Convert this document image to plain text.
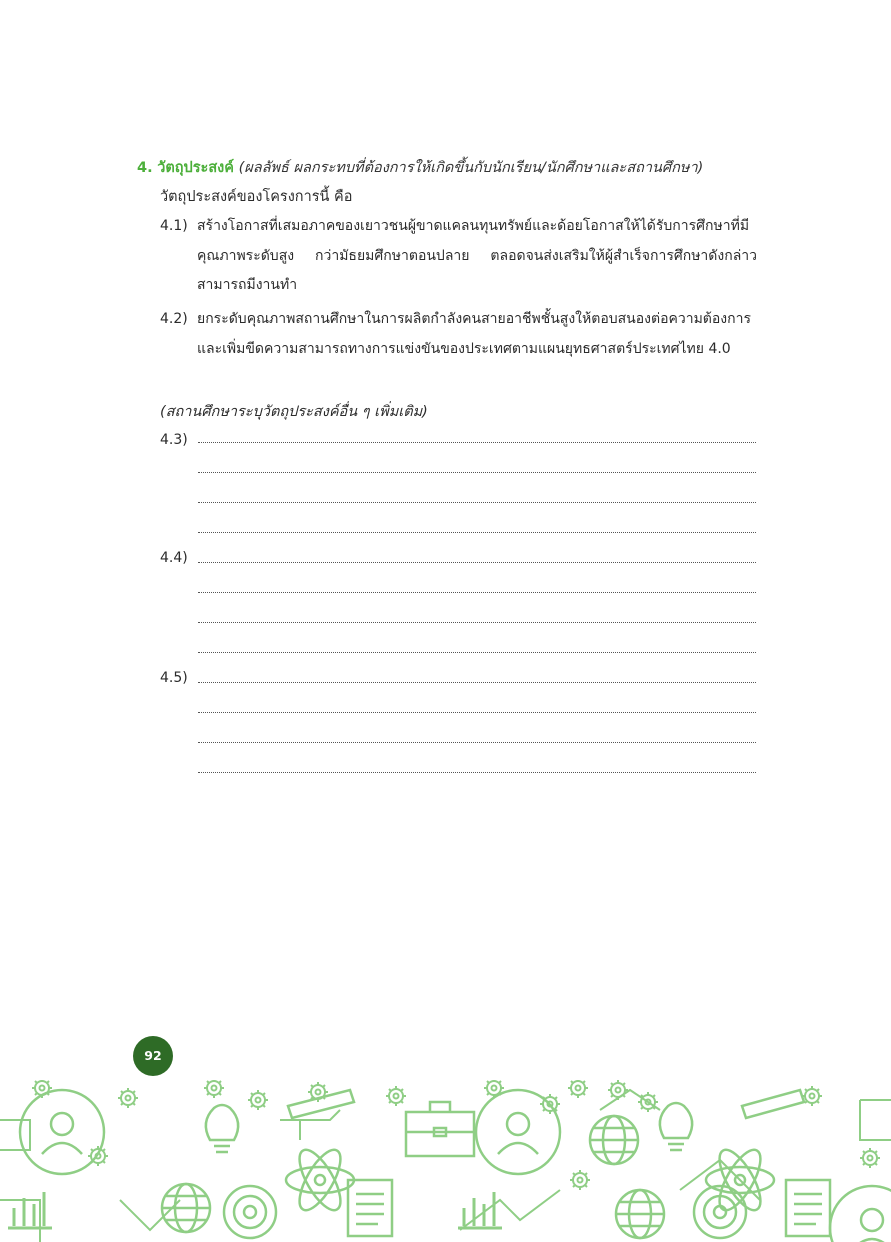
4. วัตถุประสงค์ (ผลลัพธ์ ผลกระทบที่ต้องการให้เกิดขึ้นกับนักเรียน/นักศึกษาและสถานศึกษา)
วัตถุประสงค์ของโครงการนี้ คือ
4.1) สร้างโอกาสที่เสมอภาคของเยาวชนผู้ขาดแคลนทุนทรัพย์และด้อยโอกาสให้ได้รับการศึกษาที่มีคุณภาพระดับสูง กว่ามัธยมศึกษาตอนปลาย ตลอดจนส่งเสริมให้ผู้สำเร็จการศึกษาดังกล่าว สามารถมีงานทำ
4.2) ยกระดับคุณภาพสถานศึกษาในการผลิตกำลังคนสายอาชีพชั้นสูงให้ตอบสนองต่อความต้องการและเพิ่มขีดความสามารถทางการแข่งขันของประเทศตามแผนยุทธศาสตร์ประเทศไทย 4.0
(สถานศึกษาระบุวัตถุประสงค์อื่น ๆ เพิ่มเติม)
4.3)
4.4)
4.5)
92
